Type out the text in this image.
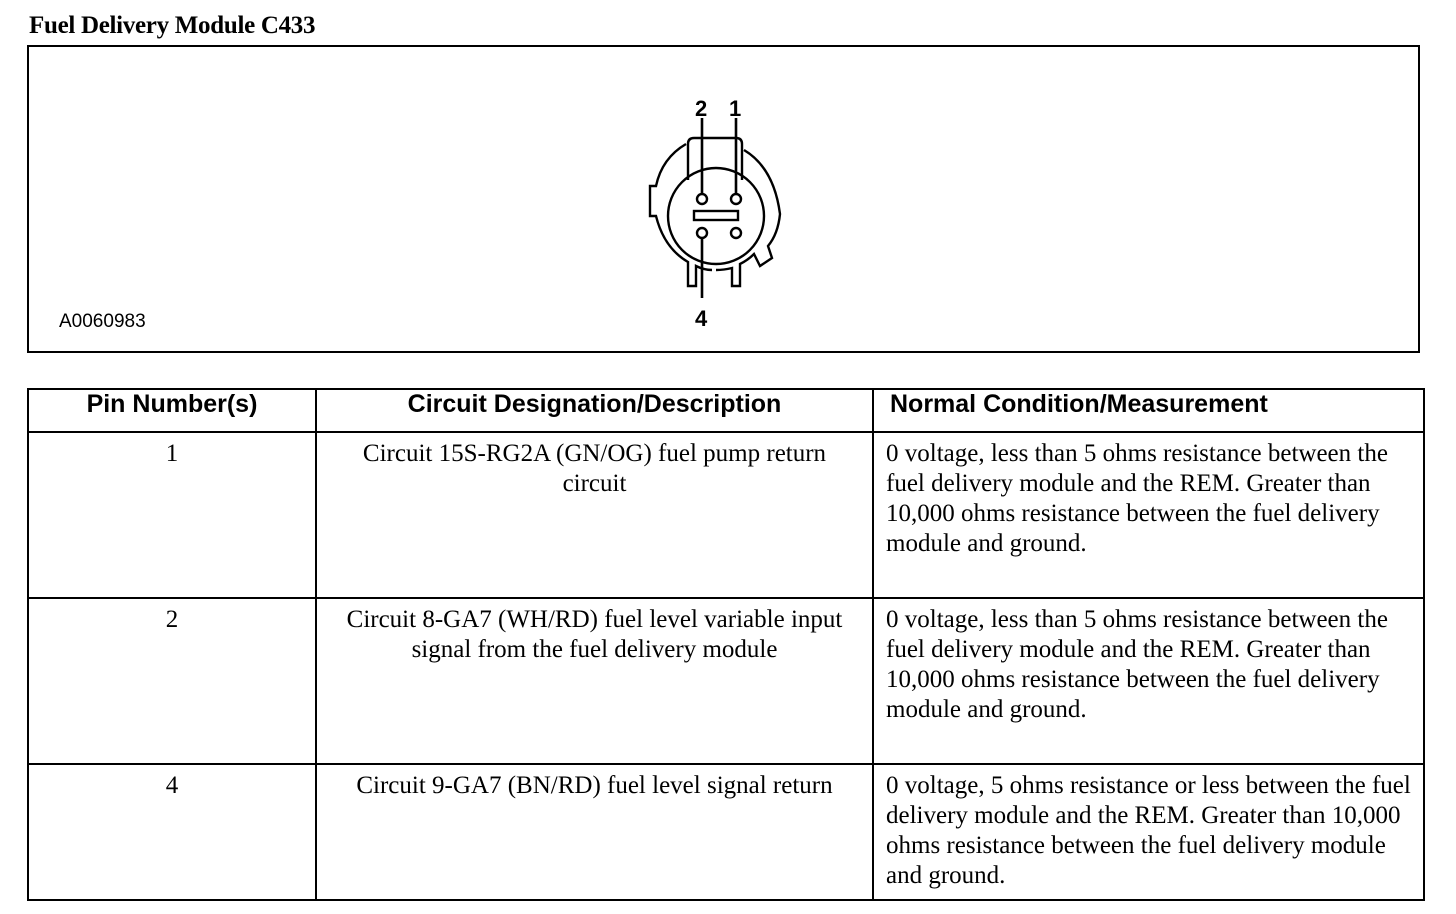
Fuel Delivery Module C433
A0060983
2 1
4
Pin Number(s)	Circuit Designation/Description	Normal Condition/Measurement
1	Circuit 15S-RG2A (GN/OG) fuel pump return circuit	0 voltage, less than 5 ohms resistance between the fuel delivery module and the REM. Greater than 10,000 ohms resistance between the fuel delivery module and ground.
2	Circuit 8-GA7 (WH/RD) fuel level variable input signal from the fuel delivery module	0 voltage, less than 5 ohms resistance between the fuel delivery module and the REM. Greater than 10,000 ohms resistance between the fuel delivery module and ground.
4	Circuit 9-GA7 (BN/RD) fuel level signal return	0 voltage, 5 ohms resistance or less between the fuel delivery module and the REM. Greater than 10,000 ohms resistance between the fuel delivery module and ground.
